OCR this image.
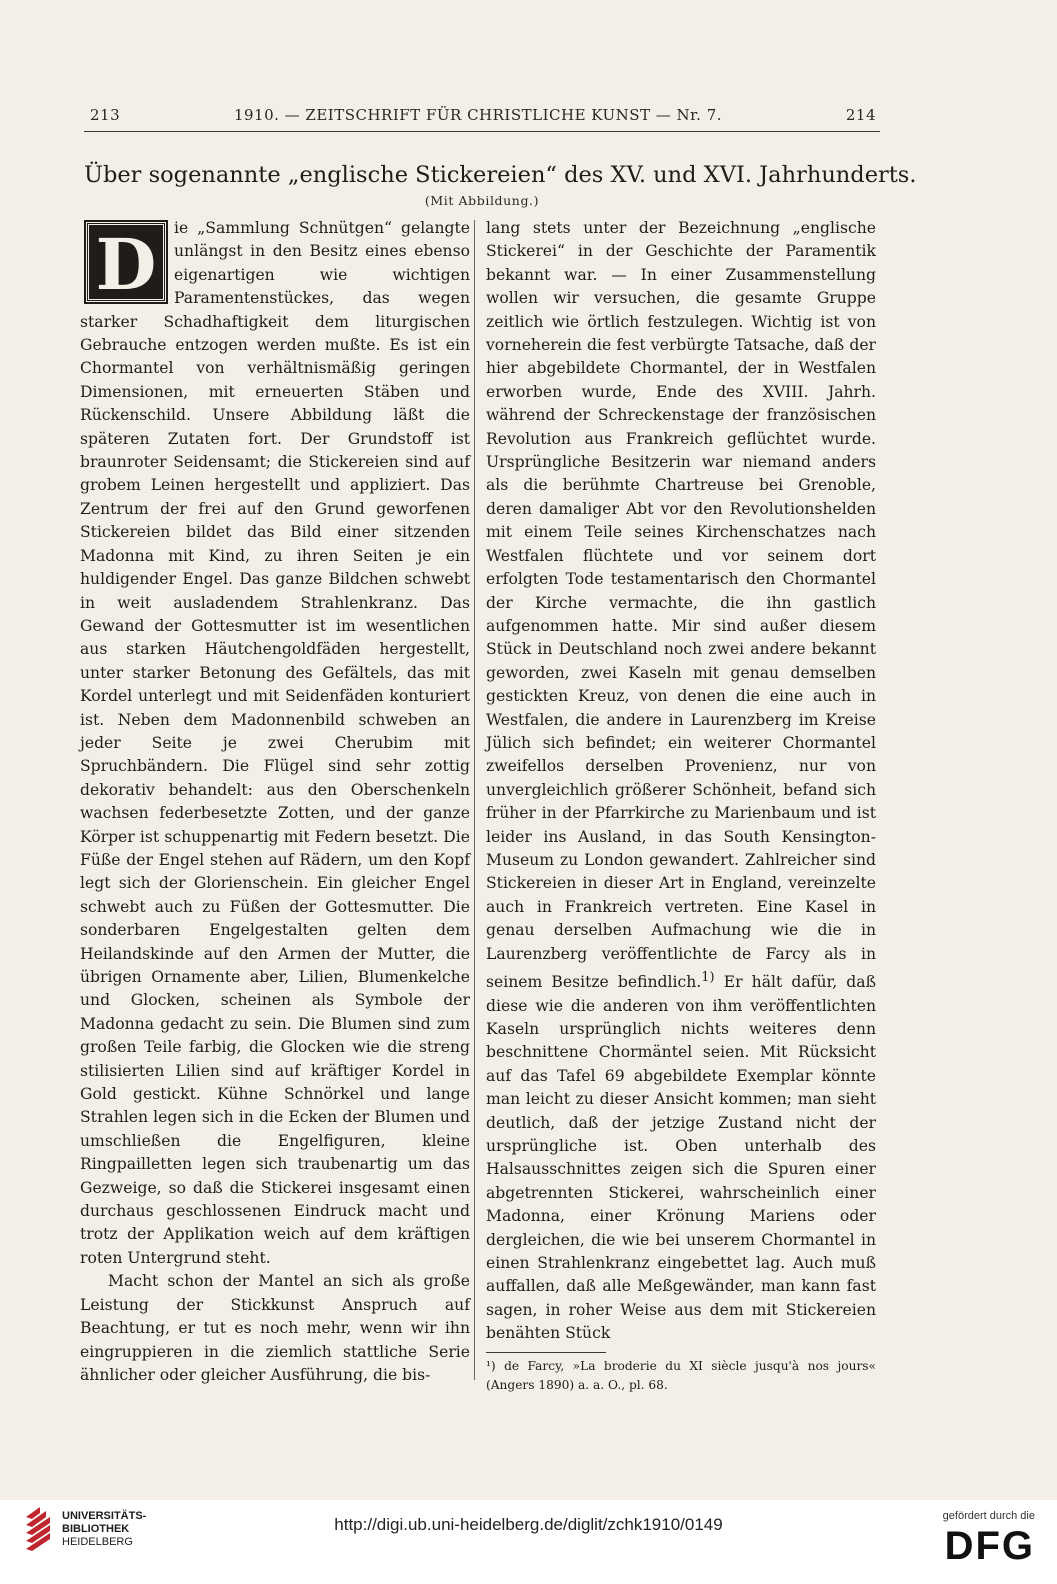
213	1910. — ZEITSCHRIFT FÜR CHRISTLICHE KUNST — Nr. 7.	214
Über sogenannte „englische Stickereien“ des XV. und XVI. Jahrhunderts.
(Mit Abbildung.)

D	ie „Sammlung Schnütgen“ gelangte unlängst in den Besitz eines ebenso eigenartigen wie wichtigen Paramentenstückes, das wegen starker Schadhaftigkeit dem liturgischen Gebrauche entzogen werden mußte. Es ist ein Chormantel von verhältnismäßig geringen Dimensionen, mit erneuerten Stäben und Rückenschild. Unsere Abbildung läßt die späteren Zutaten fort. Der Grundstoff ist braunroter Seidensamt; die Stickereien sind auf grobem Leinen hergestellt und appliziert. Das Zentrum der frei auf den Grund geworfenen Stickereien bildet das Bild einer sitzenden Madonna mit Kind, zu ihren Seiten je ein huldigender Engel. Das ganze Bildchen schwebt in weit ausladendem Strahlenkranz. Das Gewand der Gottesmutter ist im wesentlichen aus starken Häutchengoldfäden hergestellt, unter starker Betonung des Gefältels, das mit Kordel unterlegt und mit Seidenfäden konturiert ist. Neben dem Madonnenbild schweben an jeder Seite je zwei Cherubim mit Spruchbändern. Die Flügel sind sehr zottig dekorativ behandelt: aus den Oberschenkeln wachsen federbesetzte Zotten, und der ganze Körper ist schuppenartig mit Federn besetzt. Die Füße der Engel stehen auf Rädern, um den Kopf legt sich der Glorienschein. Ein gleicher Engel schwebt auch zu Füßen der Gottesmutter. Die sonderbaren Engelgestalten gelten dem Heilandskinde auf den Armen der Mutter, die übrigen Ornamente aber, Lilien, Blumenkelche und Glocken, scheinen als Symbole der Madonna gedacht zu sein. Die Blumen sind zum großen Teile farbig, die Glocken wie die streng stilisierten Lilien sind auf kräftiger Kordel in Gold gestickt. Kühne Schnörkel und lange Strahlen legen sich in die Ecken der Blumen und umschließen die Engelfiguren, kleine Ringpailletten legen sich traubenartig um das Gezweige, so daß die Stickerei insgesamt einen durchaus geschlossenen Eindruck macht und trotz der Applikation weich auf dem kräftigen roten Untergrund steht.

Macht schon der Mantel an sich als große Leistung der Stickkunst Anspruch auf Beachtung, er tut es noch mehr, wenn wir ihn eingruppieren in die ziemlich stattliche Serie ähnlicher oder gleicher Ausführung, die bis-

lang stets unter der Bezeichnung „englische Stickerei“ in der Geschichte der Paramentik bekannt war. — In einer Zusammenstellung wollen wir versuchen, die gesamte Gruppe zeitlich wie örtlich festzulegen. Wichtig ist von vorneherein die fest verbürgte Tatsache, daß der hier abgebildete Chormantel, der in Westfalen erworben wurde, Ende des XVIII. Jahrh. während der Schreckenstage der französischen Revolution aus Frankreich geflüchtet wurde. Ursprüngliche Besitzerin war niemand anders als die berühmte Chartreuse bei Grenoble, deren damaliger Abt vor den Revolutionshelden mit einem Teile seines Kirchenschatzes nach Westfalen flüchtete und vor seinem dort erfolgten Tode testamentarisch den Chormantel der Kirche vermachte, die ihn gastlich aufgenommen hatte. Mir sind außer diesem Stück in Deutschland noch zwei andere bekannt geworden, zwei Kaseln mit genau demselben gestickten Kreuz, von denen die eine auch in Westfalen, die andere in Laurenzberg im Kreise Jülich sich befindet; ein weiterer Chormantel zweifellos derselben Provenienz, nur von unvergleichlich größerer Schönheit, befand sich früher in der Pfarrkirche zu Marienbaum und ist leider ins Ausland, in das South Kensington-Museum zu London gewandert. Zahlreicher sind Stickereien in dieser Art in England, vereinzelte auch in Frankreich vertreten. Eine Kasel in genau derselben Aufmachung wie die in Laurenzberg veröffentlichte de Farcy als in seinem Besitze befindlich.$^{1)}$ Er hält dafür, daß diese wie die anderen von ihm veröffentlichten Kaseln ursprünglich nichts weiteres denn beschnittene Chormäntel seien. Mit Rücksicht auf das Tafel 69 abgebildete Exemplar könnte man leicht zu dieser Ansicht kommen; man sieht deutlich, daß der jetzige Zustand nicht der ursprüngliche ist. Oben unterhalb des Halsausschnittes zeigen sich die Spuren einer abgetrennten Stickerei, wahrscheinlich einer Madonna, einer Krönung Mariens oder dergleichen, die wie bei unserem Chormantel in einen Strahlenkranz eingebettet lag. Auch muß auffallen, daß alle Meßgewänder, man kann fast sagen, in roher Weise aus dem mit Stickereien benähten Stück

¹) de Farcy, »La broderie du XI siècle jusqu'à nos jours« (Angers 1890) a. a. O., pl. 68.
UNIVERSITÄTS-
BIBLIOTHEK
HEIDELBERG
http://digi.ub.uni-heidelberg.de/diglit/zchk1910/0149	gefördert durch die
DFG
